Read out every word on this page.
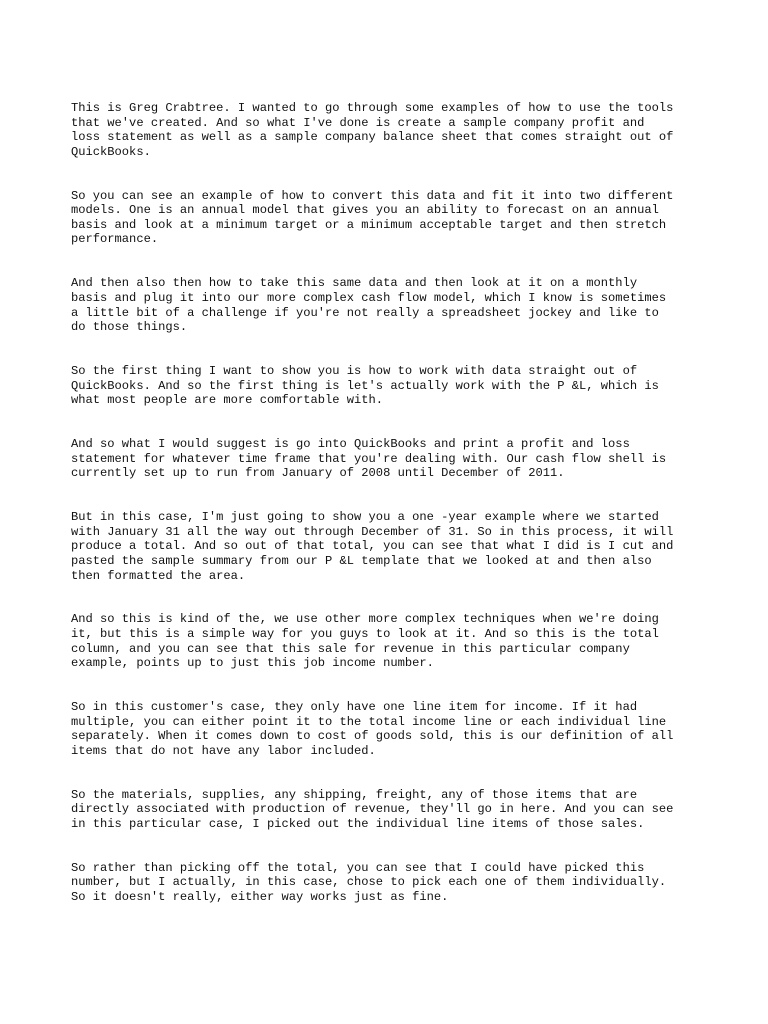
This is Greg Crabtree. I wanted to go through some examples of how to use the tools
that we've created. And so what I've done is create a sample company profit and
loss statement as well as a sample company balance sheet that comes straight out of
QuickBooks.

So you can see an example of how to convert this data and fit it into two different
models. One is an annual model that gives you an ability to forecast on an annual
basis and look at a minimum target or a minimum acceptable target and then stretch
performance.

And then also then how to take this same data and then look at it on a monthly
basis and plug it into our more complex cash flow model, which I know is sometimes
a little bit of a challenge if you're not really a spreadsheet jockey and like to
do those things.

So the first thing I want to show you is how to work with data straight out of
QuickBooks. And so the first thing is let's actually work with the P &L, which is
what most people are more comfortable with.

And so what I would suggest is go into QuickBooks and print a profit and loss
statement for whatever time frame that you're dealing with. Our cash flow shell is
currently set up to run from January of 2008 until December of 2011.

But in this case, I'm just going to show you a one -year example where we started
with January 31 all the way out through December of 31. So in this process, it will
produce a total. And so out of that total, you can see that what I did is I cut and
pasted the sample summary from our P &L template that we looked at and then also
then formatted the area.

And so this is kind of the, we use other more complex techniques when we're doing
it, but this is a simple way for you guys to look at it. And so this is the total
column, and you can see that this sale for revenue in this particular company
example, points up to just this job income number.

So in this customer's case, they only have one line item for income. If it had
multiple, you can either point it to the total income line or each individual line
separately. When it comes down to cost of goods sold, this is our definition of all
items that do not have any labor included.

So the materials, supplies, any shipping, freight, any of those items that are
directly associated with production of revenue, they'll go in here. And you can see
in this particular case, I picked out the individual line items of those sales.

So rather than picking off the total, you can see that I could have picked this
number, but I actually, in this case, chose to pick each one of them individually.
So it doesn't really, either way works just as fine.
